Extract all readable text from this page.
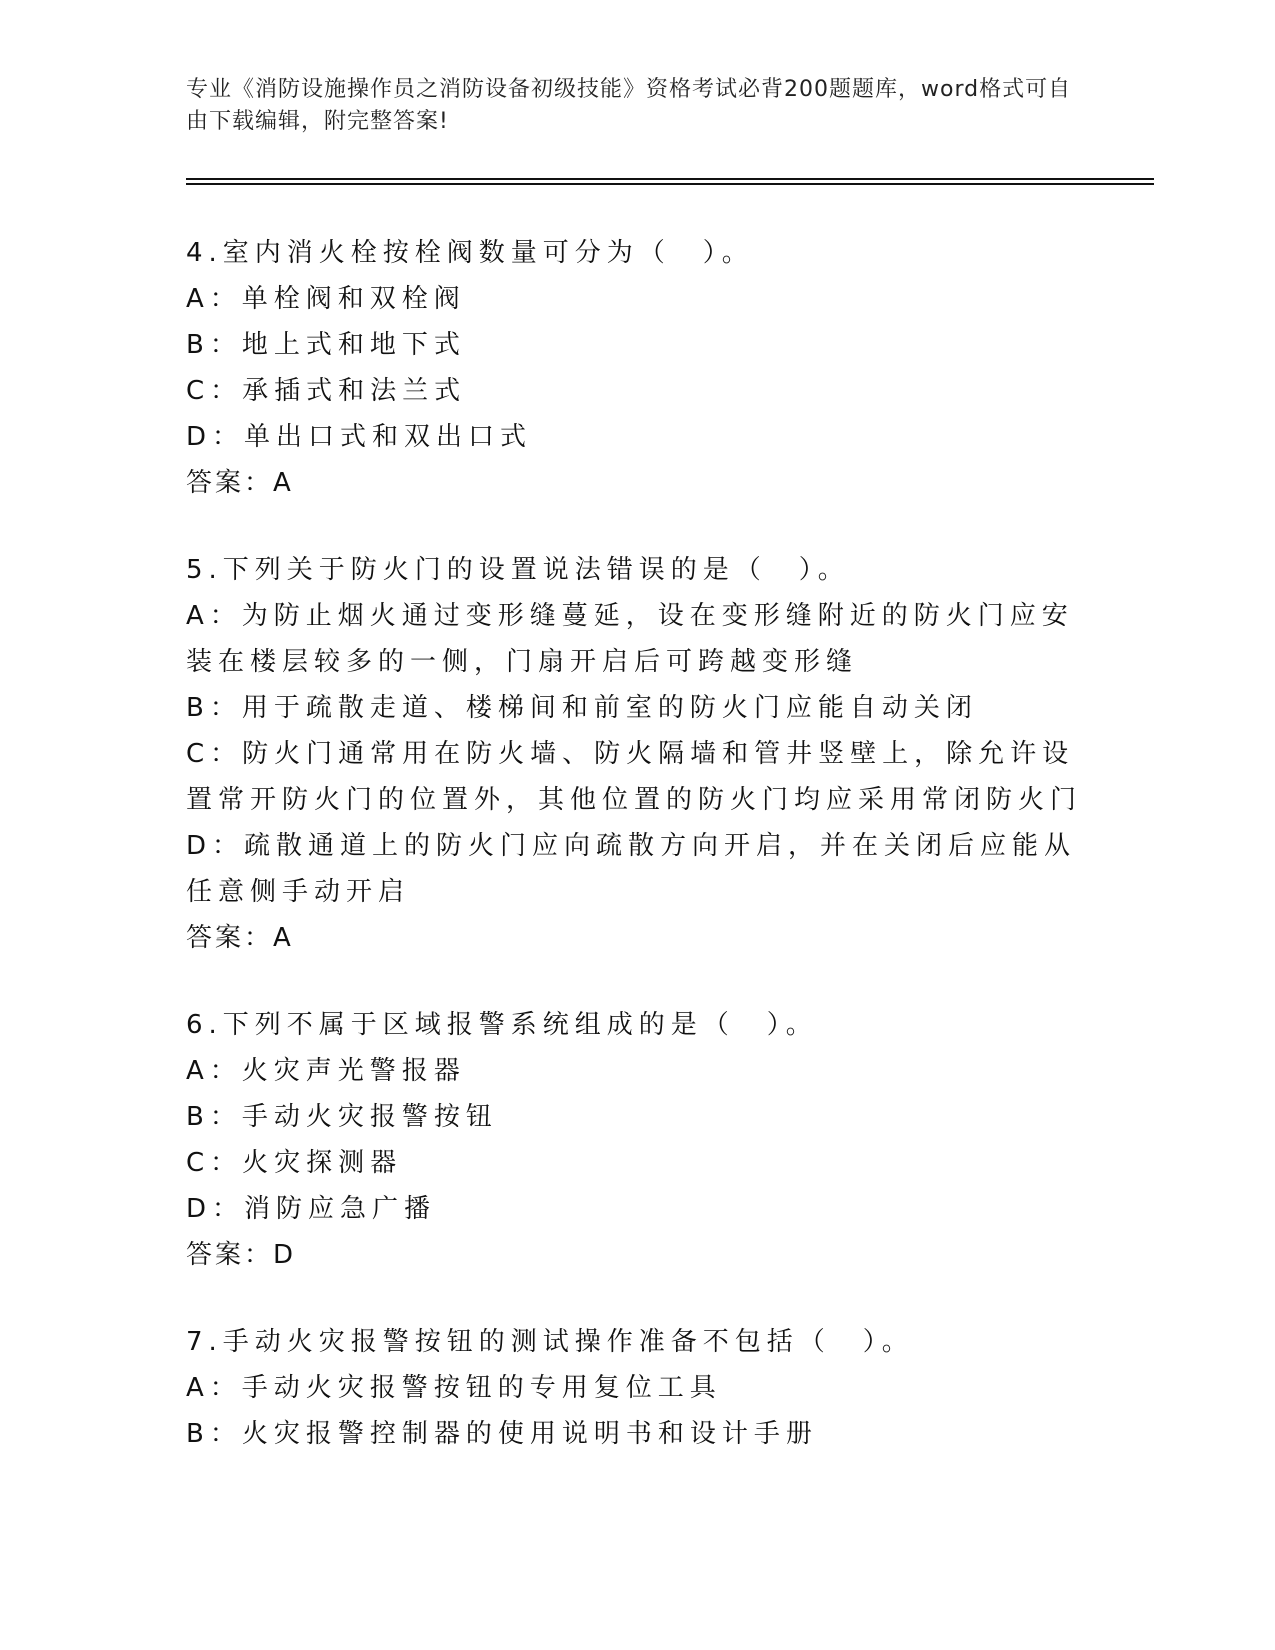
专业《消防设施操作员之消防设备初级技能》资格考试必背200题题库，word格式可自由下载编辑，附完整答案!
4.室内消火栓按栓阀数量可分为（　）。
A：单栓阀和双栓阀
B：地上式和地下式
C：承插式和法兰式
D：单出口式和双出口式
答案：A
5.下列关于防火门的设置说法错误的是（　）。
A：为防止烟火通过变形缝蔓延，设在变形缝附近的防火门应安装在楼层较多的一侧，门扇开启后可跨越变形缝
B：用于疏散走道、楼梯间和前室的防火门应能自动关闭
C：防火门通常用在防火墙、防火隔墙和管井竖壁上，除允许设置常开防火门的位置外，其他位置的防火门均应采用常闭防火门
D：疏散通道上的防火门应向疏散方向开启，并在关闭后应能从任意侧手动开启
答案：A
6.下列不属于区域报警系统组成的是（　）。
A：火灾声光警报器
B：手动火灾报警按钮
C：火灾探测器
D：消防应急广播
答案：D
7.手动火灾报警按钮的测试操作准备不包括（　）。
A：手动火灾报警按钮的专用复位工具
B：火灾报警控制器的使用说明书和设计手册
